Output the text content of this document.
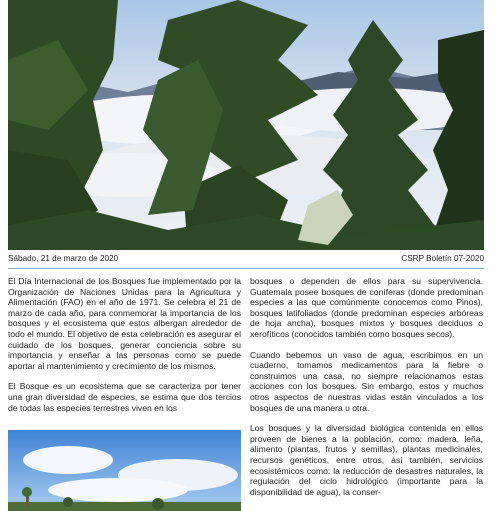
Sábado, 21 de marzo de 2020	CSRP Boletín 07-2020

El Día Internacional de los Bosques fue implementado por la Organización de Naciones Unidas para la Agricultura y Alimentación (FAO) en el año de 1971. Se celebra el 21 de marzo de cada año, para conmemorar la importancia de los bosques y el ecosistema que estos albergan alrededor de todo el mundo. El objetivo de esta celebración es asegurar el cuidado de los bosques, generar conciencia sobre su importancia y enseñar a las personas como se puede aportar al mantenimiento y crecimiento de los mismos.

El Bosque es un ecosistema que se caracteriza por tener una gran diversidad de especies, se estima que dos tercios de todas las especies terrestres viven en los

bosques o dependen de ellos para su supervivencia. Guatemala posee bosques de coníferas (donde predominan especies a las que comúnmente conocemos como Pinos), bosques latifoliados (donde predominan especies arbóreas de hoja ancha), bosques mixtos y bosques deciduos o xerofíticos (conocidos también como bosques secos).

Cuando bebemos un vaso de agua, escribimos en un cuaderno, tomamos medicamentos para la fiebre o construimos una casa, no siempre relacionamos estas acciones con los bosques. Sin embargo, estos y muchos otros aspectos de nuestras vidas están vinculados a los bosques de una manera u otra.

Los bosques y la diversidad biológica contenida en ellos proveen de bienes a la población, como: madera, leña, alimento (plantas, frutos y semillas), plantas medicinales, recursos genéticos, entre otros, así también, servicios ecosistémicos como: la reducción de desastres naturales, la regulación del ciclo hidrológico (importante para la disponibilidad de agua), la conser-
